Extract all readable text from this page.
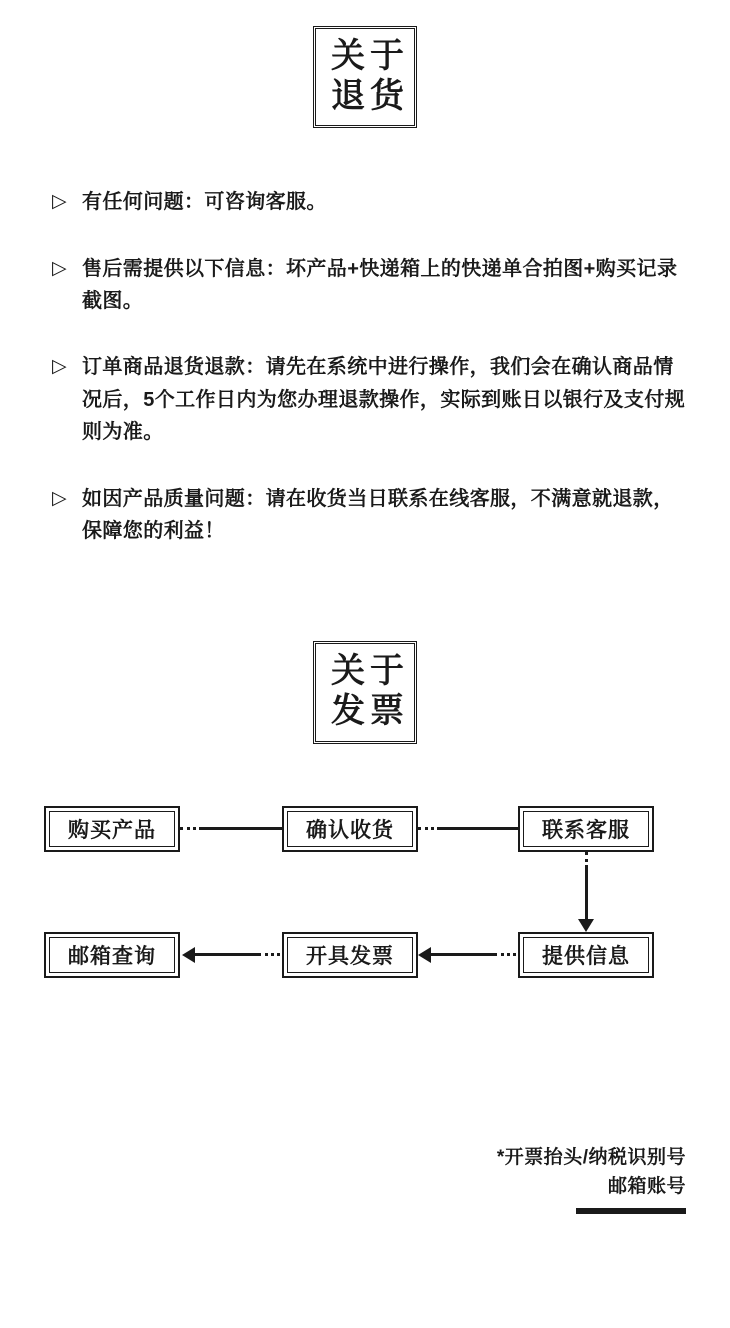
关于
退货
▷ 有任何问题：可咨询客服。
▷ 售后需提供以下信息：坏产品+快递箱上的快递单合拍图+购买记录截图。
▷ 订单商品退货退款：请先在系统中进行操作，我们会在确认商品情况后，5个工作日内为您办理退款操作，实际到账日以银行及支付规则为准。
▷ 如因产品质量问题：请在收货当日联系在线客服，不满意就退款，保障您的利益！
关于
发票
购买产品	确认收货	联系客服
提供信息
开具发票
邮箱查询
*开票抬头/纳税识别号
邮箱账号
